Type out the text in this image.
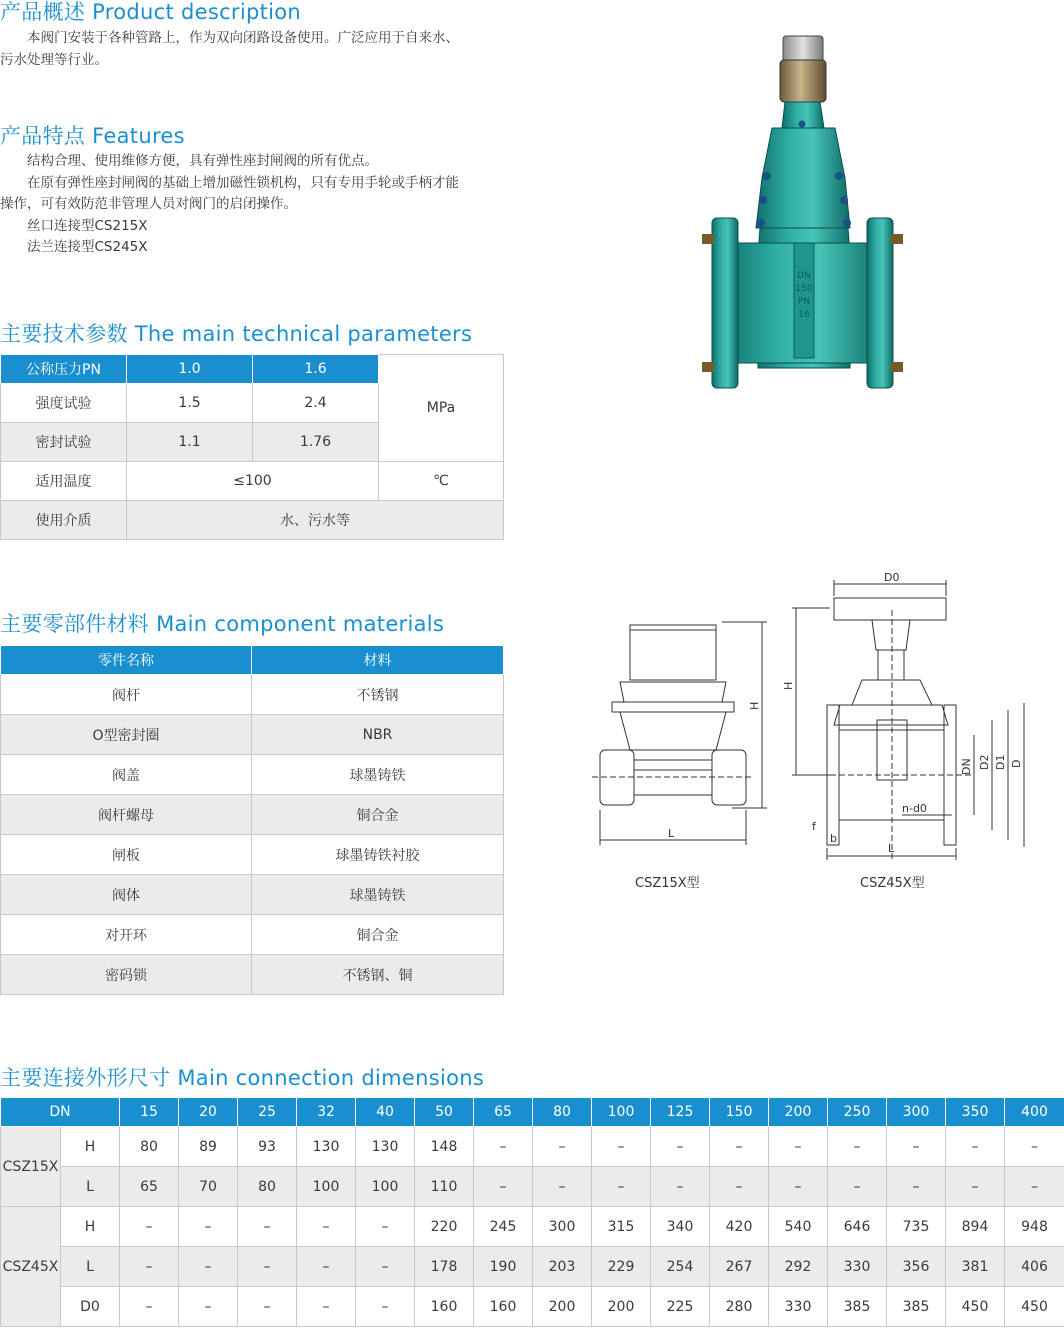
产品概述 Product description

本阀门安装于各种管路上，作为双向闭路设备使用。广泛应用于自来水、

污水处理等行业。

产品特点 Features

结构合理、使用维修方便，具有弹性座封闸阀的所有优点。

在原有弹性座封闸阀的基础上增加磁性锁机构，只有专用手轮或手柄才能

操作，可有效防范非管理人员对阀门的启闭操作。

丝口连接型CS215X

法兰连接型CS245X

DN
150
PN
16
主要技术参数 The main technical parameters
公称压力PN	1.0	1.6	MPa
强度试验	1.5	2.4	
密封试验	1.1	1.76	
适用温度	≤100		℃
使用介质	水、污水等		
主要零部件材料 Main component materials
零件名称	材料
阀杆	不锈钢
O型密封圈	NBR
阀盖	球墨铸铁
阀杆螺母	铜合金
闸板	球墨铸铁衬胶
阀体	球墨铸铁
对开环	铜合金
密码锁	不锈钢、铜
H
L
D0
H
DN D2 D1 D
n-d0
f
b
L
CSZ15X型	CSZ45X型
主要连接外形尺寸 Main connection dimensions
DN		15	20	25	32	40	50	65	80	100	125	150	200	250	300	350	400
CSZ15X	H	80	89	93	130	130	148	–	–	–	–	–	–	–	–	–	–
	L	65	70	80	100	100	110	–	–	–	–	–	–	–	–	–	–
CSZ45X	H	–	–	–	–	–	220	245	300	315	340	420	540	646	735	894	948
	L	–	–	–	–	–	178	190	203	229	254	267	292	330	356	381	406
	D0	–	–	–	–	–	160	160	200	200	225	280	330	385	385	450	450
